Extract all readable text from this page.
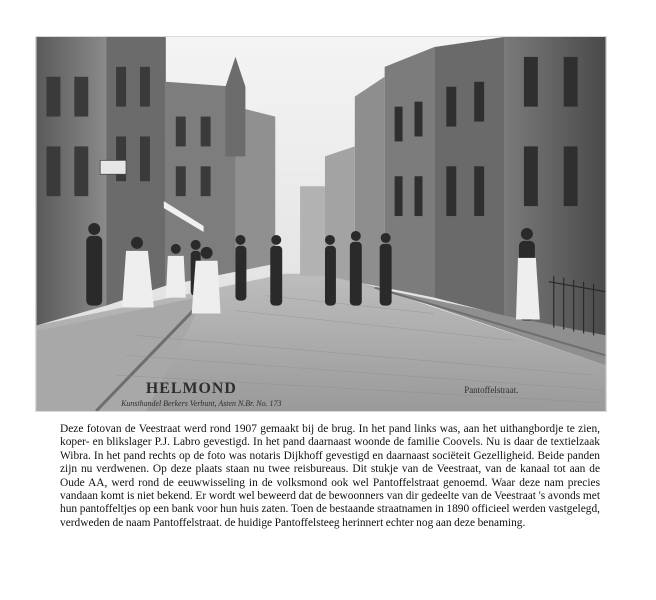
HELMOND
Kunsthandel Berkers Verbunt, Asten N.Br. No. 173
Pantoffelstraat.

Deze fotovan de Veestraat werd rond 1907 gemaakt bij de brug. In het pand links was, aan het uithangbordje te zien, koper- en blikslager P.J. Labro gevestigd. In het pand daarnaast woonde de familie Coovels. Nu is daar de textielzaak Wibra. In het pand rechts op de foto was notaris Dijkhoff gevestigd en daarnaast sociëteit Gezelligheid. Beide panden zijn nu verdwenen. Op deze plaats staan nu twee reisbureaus. Dit stukje van de Veestraat, van de kanaal tot aan de Oude AA, werd rond de eeuwwisseling in de volksmond ook wel Pantoffelstraat genoemd. Waar deze nam precies vandaan komt is niet bekend. Er wordt wel beweerd dat de bewoonners van dir gedeelte van de Veestraat 's avonds met hun pantoffeltjes op een bank voor hun huis zaten. Toen de bestaande straatnamen in 1890 officieel werden vastgelegd, verdweden de naam Pantoffelstraat. de huidige Pantoffelsteeg herinnert echter nog aan deze benaming.
